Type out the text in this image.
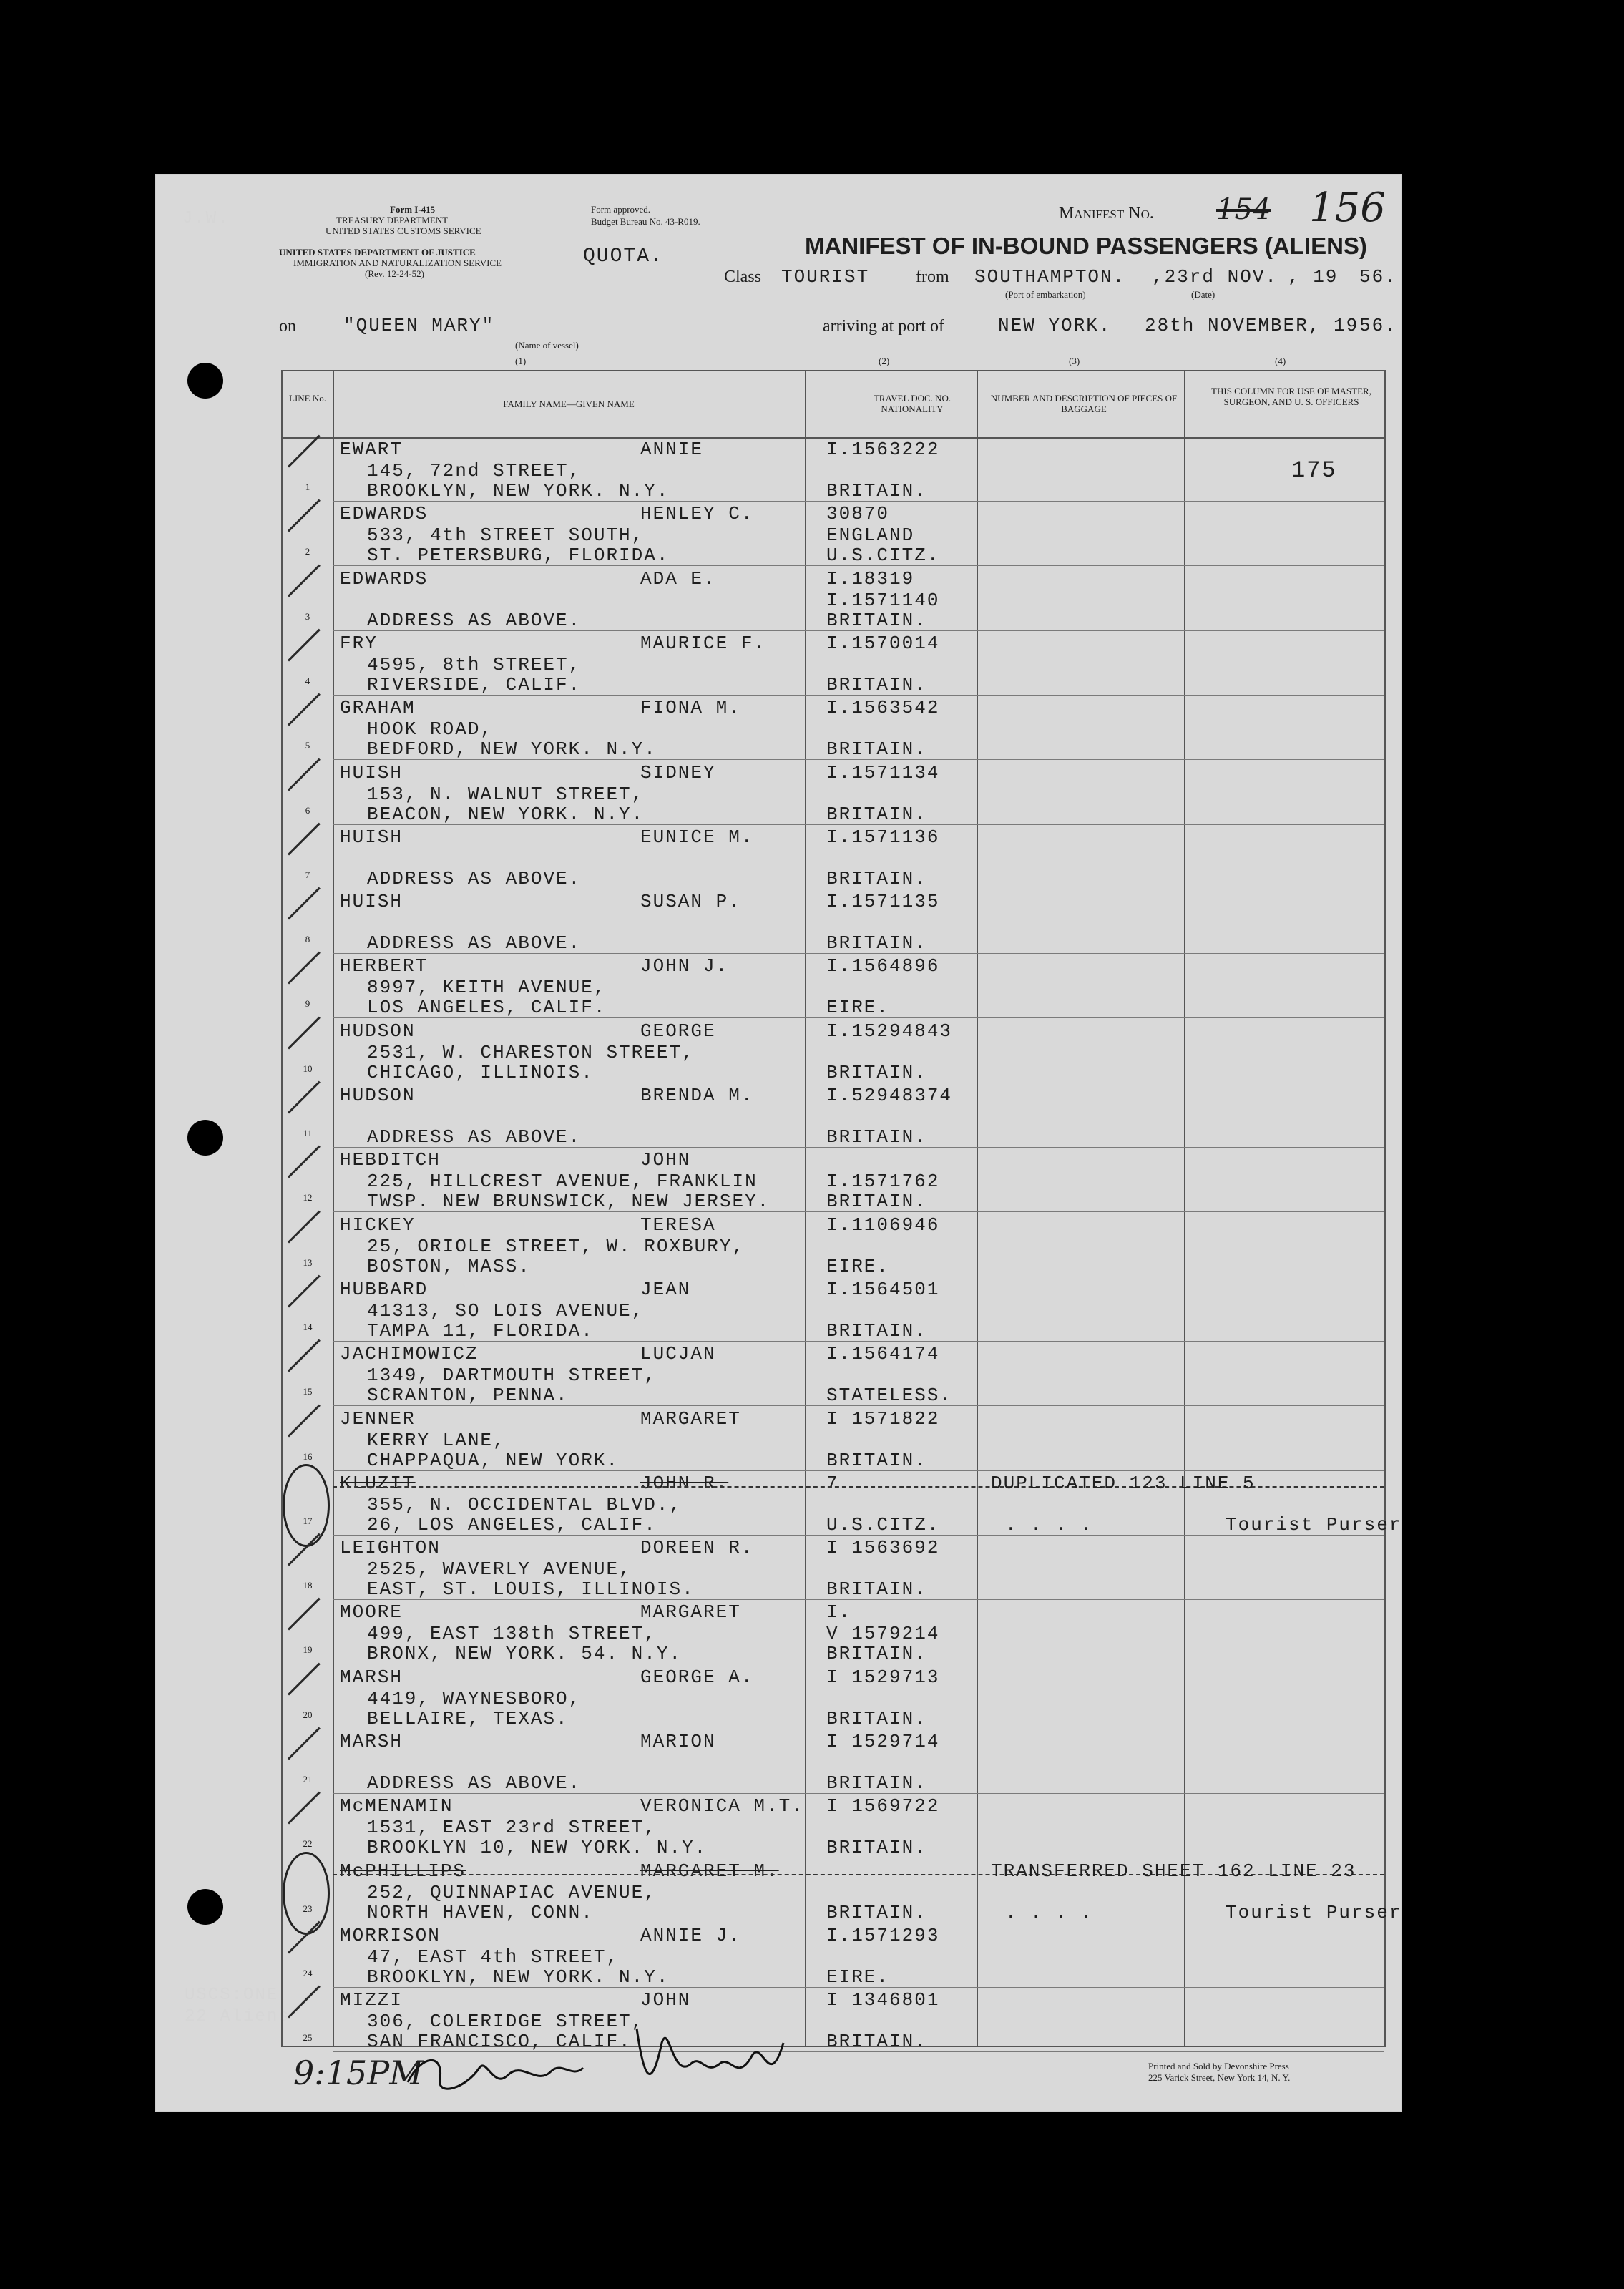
J.W.
USCS:ONE
22 Aliens
Form I-415
TREASURY DEPARTMENT
UNITED STATES CUSTOMS SERVICE
Form approved.
Budget Bureau No. 43-R019.
UNITED STATES DEPARTMENT OF JUSTICE
IMMIGRATION AND NATURALIZATION SERVICE
(Rev. 12-24-52)
QUOTA.
Manifest No. 154 156
MANIFEST OF IN-BOUND PASSENGERS (ALIENS)
Class TOURIST	from SOUTHAMPTON.
(Port of embarkation)
,23rd NOV. , 19 56.
(Date)
on	"QUEEN MARY"
(Name of vessel)
arriving at port of	NEW YORK. 28th NOVEMBER, 19 56.
(1)	(2)	(3)	(4)
LINE No.
FAMILY NAME—GIVEN NAME
TRAVEL DOC. NO. NATIONALITY
NUMBER AND DESCRIPTION OF PIECES OF BAGGAGE
THIS COLUMN FOR USE OF MASTER, SURGEON, AND U. S. OFFICERS
175
1
EWART	ANNIE
145, 72nd STREET,
BROOKLYN, NEW YORK. N.Y.
I.1563222
BRITAIN.
2
EDWARDS	HENLEY C.
533, 4th STREET SOUTH,
ST. PETERSBURG, FLORIDA.
30870
ENGLAND
U.S.CITZ.
3
EDWARDS	ADA E.
ADDRESS AS ABOVE.
I.18319
I.1571140
BRITAIN.
4
FRY	MAURICE F.
4595, 8th STREET,
RIVERSIDE, CALIF.
I.1570014
BRITAIN.
5
GRAHAM	FIONA M.
HOOK ROAD,
BEDFORD, NEW YORK. N.Y.
I.1563542
BRITAIN.
6
HUISH	SIDNEY
153, N. WALNUT STREET,
BEACON, NEW YORK. N.Y.
I.1571134
BRITAIN.
7
HUISH	EUNICE M.
ADDRESS AS ABOVE.
I.1571136
BRITAIN.
8
HUISH	SUSAN P.
ADDRESS AS ABOVE.
I.1571135
BRITAIN.
9
HERBERT	JOHN J.
8997, KEITH AVENUE,
LOS ANGELES, CALIF.
I.1564896
EIRE.
10
HUDSON	GEORGE
2531, W. CHARESTON STREET,
CHICAGO, ILLINOIS.
I.15294843
BRITAIN.
11
HUDSON	BRENDA M.
ADDRESS AS ABOVE.
I.52948374
BRITAIN.
12
HEBDITCH	JOHN
225, HILLCREST AVENUE, FRANKLIN
TWSP. NEW BRUNSWICK, NEW JERSEY.
I.1571762
BRITAIN.
13
HICKEY	TERESA
25, ORIOLE STREET, W. ROXBURY,
BOSTON, MASS.
I.1106946
EIRE.
14
HUBBARD	JEAN
41313, SO LOIS AVENUE,
TAMPA 11, FLORIDA.
I.1564501
BRITAIN.
15
JACHIMOWICZ	LUCJAN
1349, DARTMOUTH STREET,
SCRANTON, PENNA.
I.1564174
STATELESS.
16
JENNER	MARGARET
KERRY LANE,
CHAPPAQUA, NEW YORK.
I 1571822
BRITAIN.
17
KLUZIT	JOHN R.
355, N. OCCIDENTAL BLVD.,
26, LOS ANGELES, CALIF.
7
U.S.CITZ.
DUPLICATED 123 LINE 5
. . . .	Tourist Purser
18
LEIGHTON	DOREEN R.
2525, WAVERLY AVENUE,
EAST, ST. LOUIS, ILLINOIS.
I 1563692
BRITAIN.
19
MOORE	MARGARET
499, EAST 138th STREET,
BRONX, NEW YORK. 54. N.Y.
I.
V 1579214
BRITAIN.
20
MARSH	GEORGE A.
4419, WAYNESBORO,
BELLAIRE, TEXAS.
I 1529713
BRITAIN.
21
MARSH	MARION
ADDRESS AS ABOVE.
I 1529714
BRITAIN.
22
McMENAMIN	VERONICA M.T.
1531, EAST 23rd STREET,
BROOKLYN 10, NEW YORK. N.Y.
I 1569722
BRITAIN.
23
McPHILLIPS	MARGARET M.
252, QUINNAPIAC AVENUE,
NORTH HAVEN, CONN.	BRITAIN.
TRANSFERRED SHEET 162 LINE 23
. . . .	Tourist Purser
24
MORRISON	ANNIE J.
47, EAST 4th STREET,
BROOKLYN, NEW YORK. N.Y.
I.1571293
EIRE.
25
MIZZI	JOHN
306, COLERIDGE STREET,
SAN FRANCISCO, CALIF.
I 1346801
BRITAIN.
9:15PM	Printed and Sold by Devonshire Press
225 Varick Street, New York 14, N. Y.
